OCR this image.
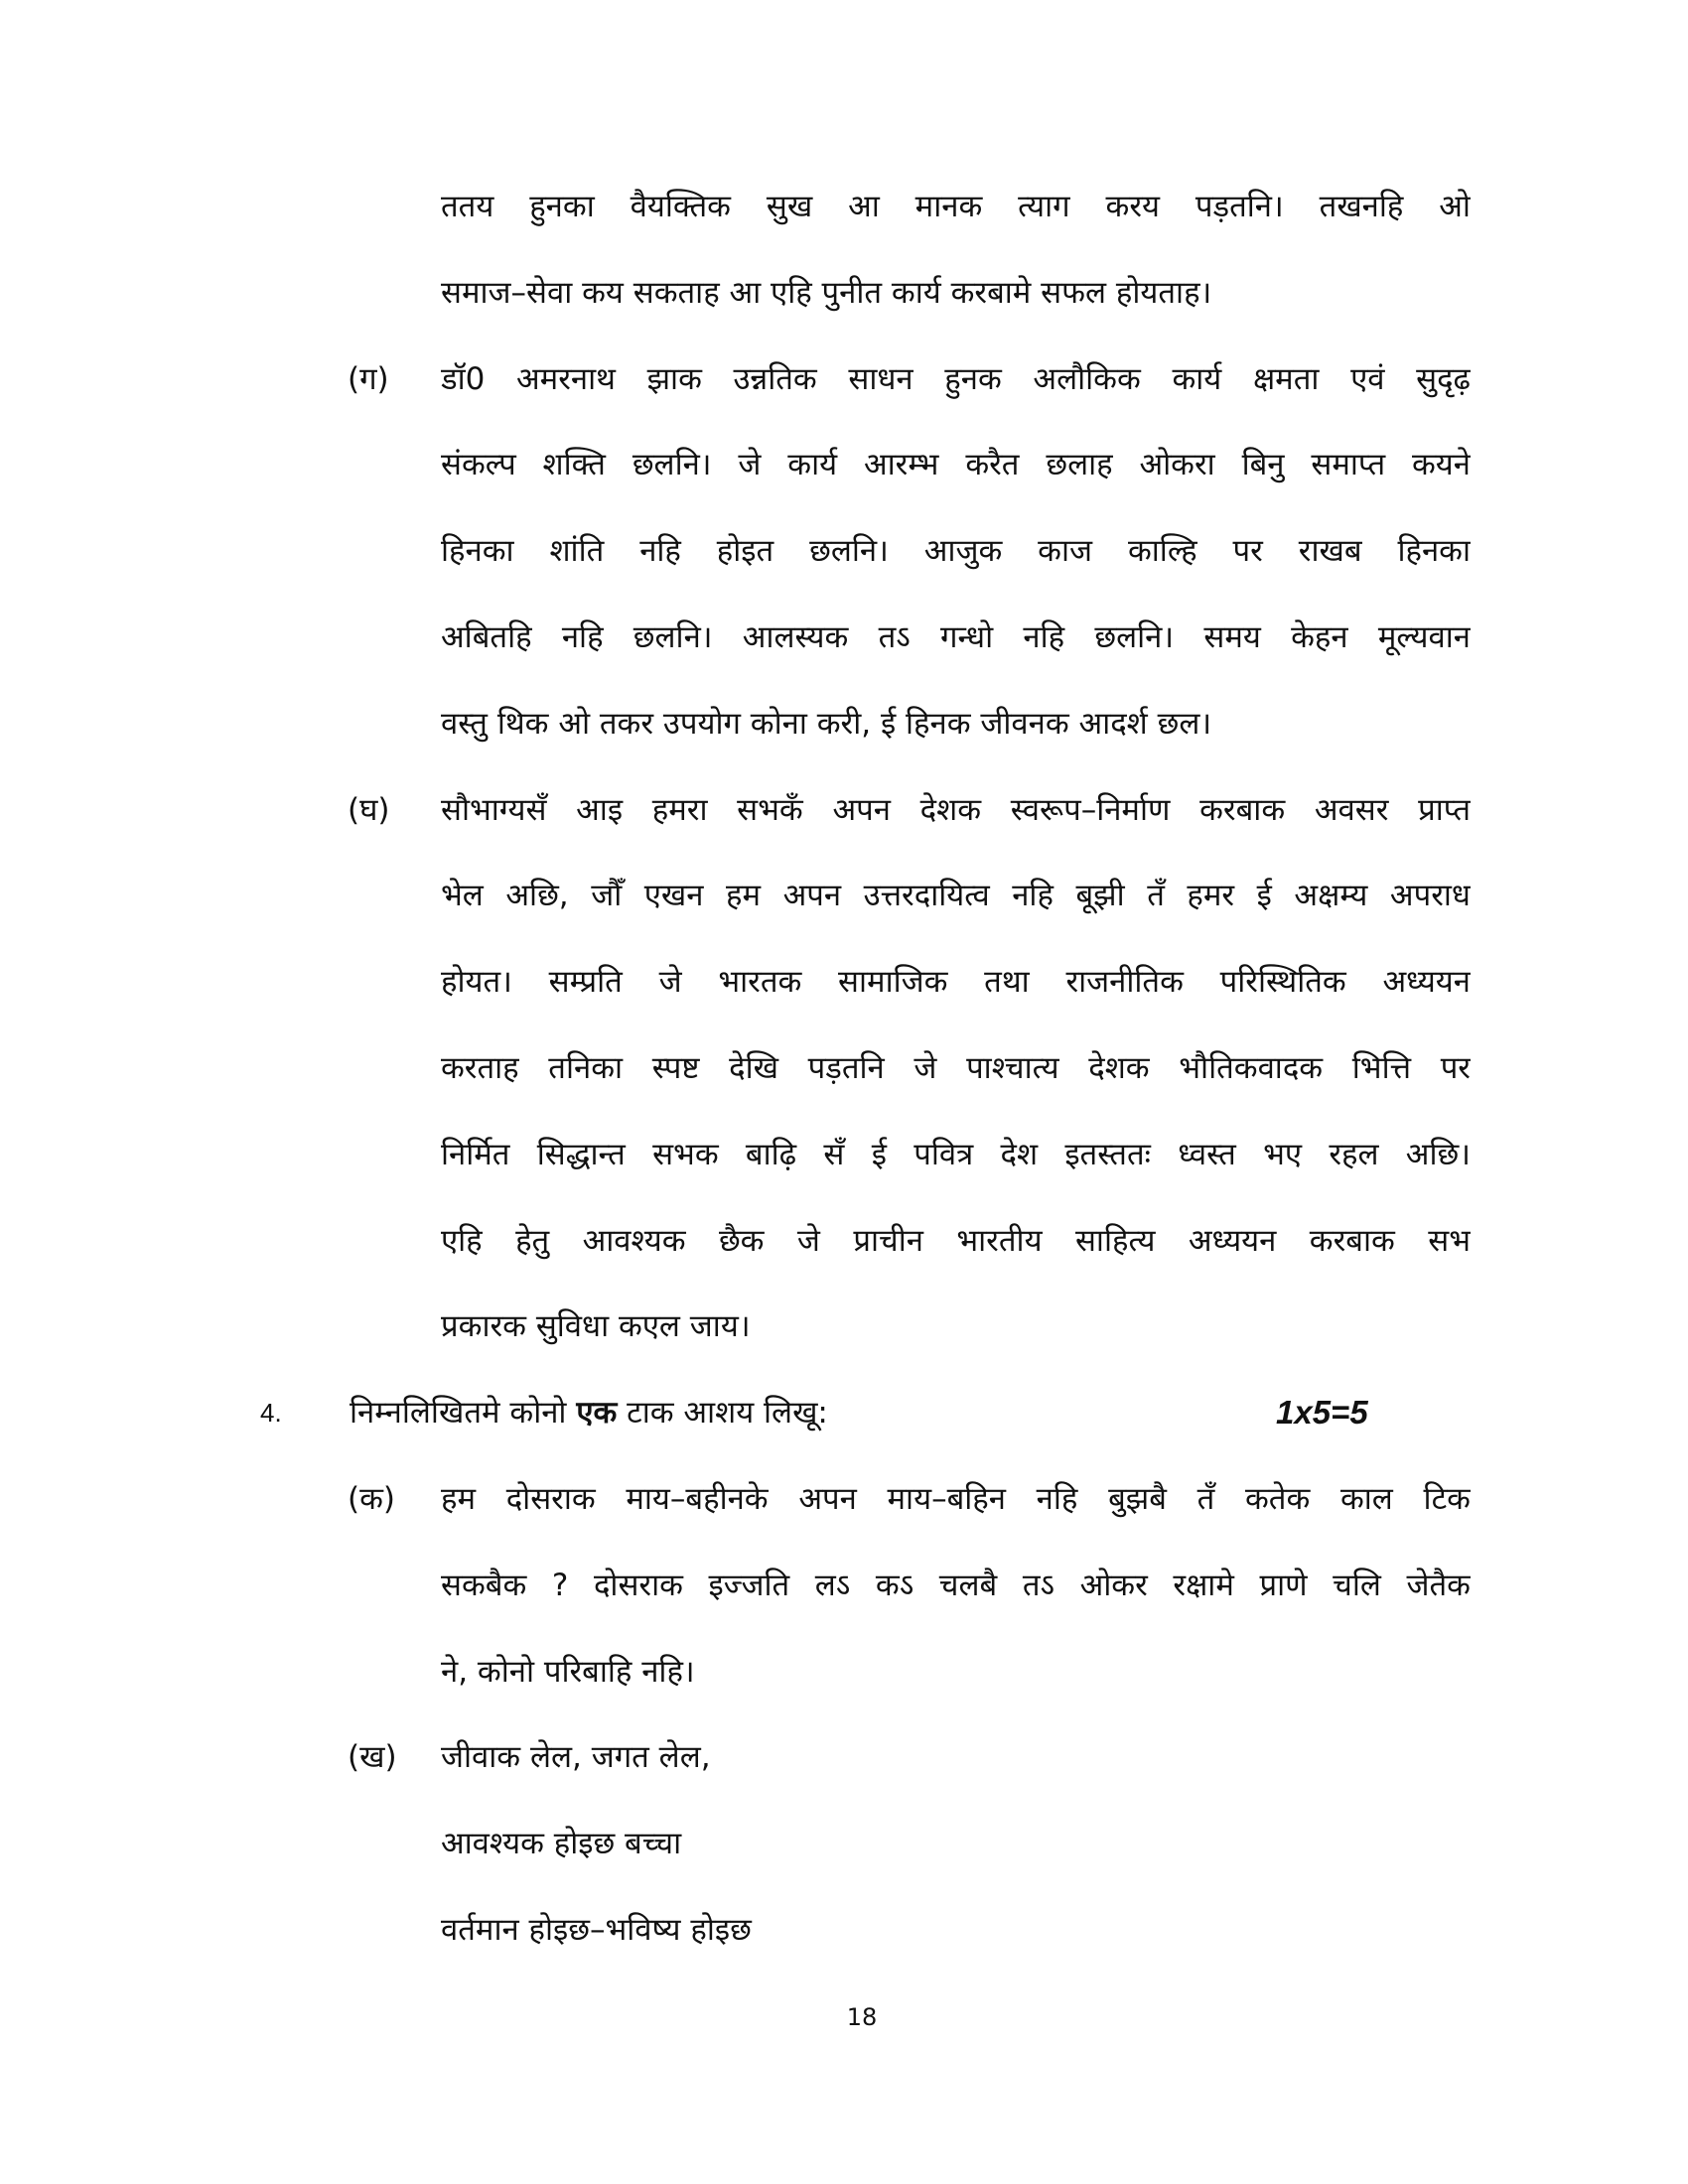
ततय हुनका वैयक्तिक सुख आ मानक त्याग करय पड़तनि। तखनहि ओ
समाज–सेवा कय सकताह आ एहि पुनीत कार्य करबामे सफल होयताह।
(ग) डॉ0 अमरनाथ झाक उन्नतिक साधन हुनक अलौकिक कार्य क्षमता एवं सुदृढ़
संकल्प शक्ति छलनि। जे कार्य आरम्भ करैत छलाह ओकरा बिनु समाप्त कयने
हिनका शांति नहि होइत छलनि। आजुक काज काल्हि पर राखब हिनका
अबितहि नहि छलनि। आलस्यक तऽ गन्धो नहि छलनि। समय केहन मूल्यवान
वस्तु थिक ओ तकर उपयोग कोना करी, ई हिनक जीवनक आदर्श छल।
(घ) सौभाग्यसँ आइ हमरा सभकँ अपन देशक स्वरूप–निर्माण करबाक अवसर प्राप्त
भेल अछि, जौँ एखन हम अपन उत्तरदायित्व नहि बूझी तँ हमर ई अक्षम्य अपराध
होयत। सम्प्रति जे भारतक सामाजिक तथा राजनीतिक परिस्थितिक अध्ययन
करताह तनिका स्पष्ट देखि पड़तनि जे पाश्चात्य देशक भौतिकवादक भित्ति पर
निर्मित सिद्धान्त सभक बाढ़ि सँ ई पवित्र देश इतस्ततः ध्वस्त भए रहल अछि।
एहि हेतु आवश्यक छैक जे प्राचीन भारतीय साहित्य अध्ययन करबाक सभ
प्रकारक सुविधा कएल जाय।
4. निम्नलिखितमे कोनो एक टाक आशय लिखू:	1x5=5
(क) हम दोसराक माय–बहीनके अपन माय–बहिन नहि बुझबै तँ कतेक काल टिक
सकबैक ? दोसराक इज्जति लऽ कऽ चलबै तऽ ओकर रक्षामे प्राणे चलि जेतैक
ने, कोनो परिबाहि नहि।
(ख) जीवाक लेल, जगत लेल,
आवश्यक होइछ बच्चा
वर्तमान होइछ–भविष्य होइछ
18
